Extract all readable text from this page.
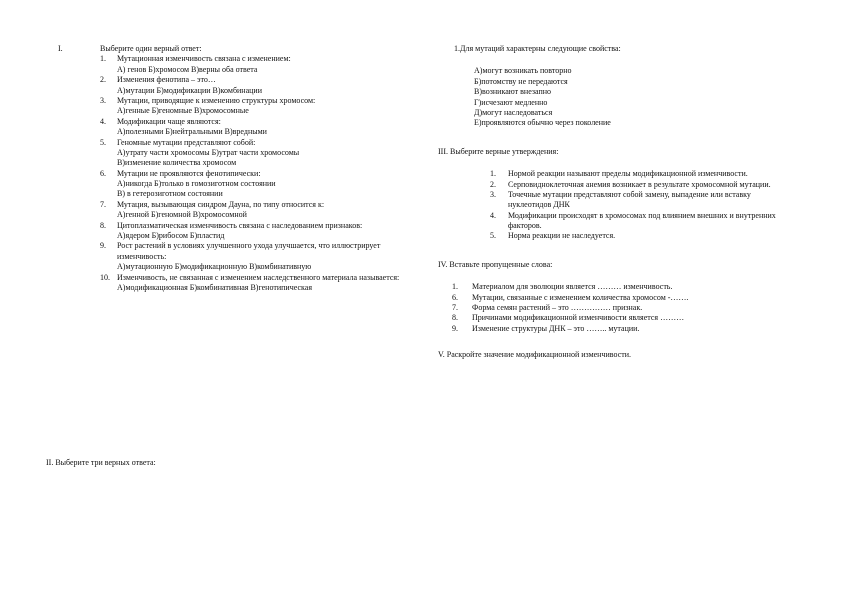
I.	Выберите один верный ответ:
1.	Мутационная изменчивость связана с изменением:
А) генов Б)хромосом В)верны оба ответа
2.	Изменения фенотипа – это…
А)мутации Б)модификации В)комбинации
3.	Мутации, приводящие к изменению структуры хромосом:
А)генные Б)геномные В)хромосомные
4.	Модификации чаще являются:
А)полезными Б)нейтральными В)вредными
5.	Геномные мутации представляют собой:
А)утрату части хромосомы Б)утрат части хромосомы
В)изменение количества хромосом
6.	Мутации не проявляются фенотипически:
А)никогда Б)только в гомозиготном состоянии
В) в гетерозиготном состоянии
7.	Мутация, вызывающая синдром Дауна, по типу относится к:
А)генной Б)геномной В)хромосомной
8.	Цитоплазматическая изменчивость связана с наследованием признаков:
А)ядером Б)рибосом Б)пластид
9.	Рост растений в условиях улучшенного ухода улучшается, что иллюстрирует изменчивость:
А)мутационную Б)модификационную В)комбинативную
10. Изменчивость, не связанная с изменением наследственного материала называется:
А)модификационная Б)комбинативная В)генотипическая
II. Выберите три верных ответа:
1.Для мутаций характерны следующие свойства:
А)могут возникать повторно
Б)потомству не передаются
В)возникают внезапно
Г)исчезают медленно
Д)могут наследоваться
Е)проявляются обычно через поколение
III. Выберите верные утверждения:
1.	Нормой реакции называют пределы модификационной изменчивости.
2.	Серповидноклеточная анемия возникает в результате хромосомной мутации.
3.	Точечные мутации представляют собой замену, выпадение или вставку нуклеотидов ДНК
4.	Модификации происходят в хромосомах под влиянием внешних и внутренних факторов.
5.	Норма реакции не наследуется.
IV. Вставьте пропущенные слова:
1.	Материалом для эволюции является ……… изменчивость.
6.	Мутации, связанные с изменением количества хромосом -…….
7.	Форма семян растений – это …………… признак.
8.	Причинами модификационной изменчивости является ………
9.	Изменение структуры ДНК – это …….. мутации.
V. Раскройте значение модификационной изменчивости.
